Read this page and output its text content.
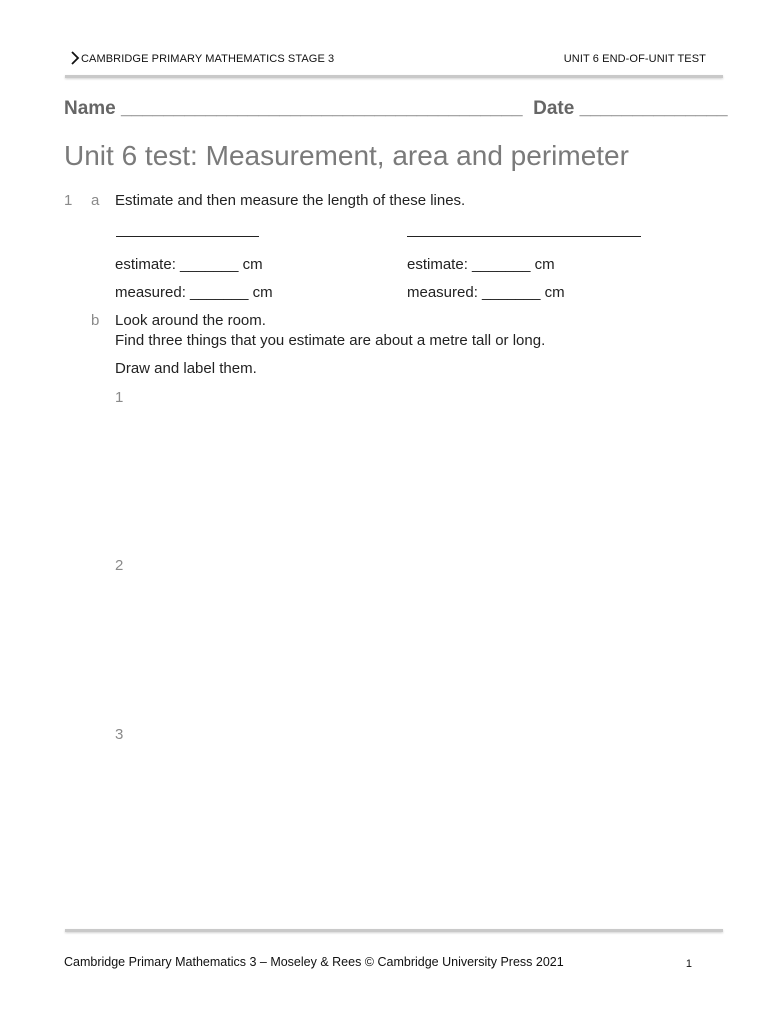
CAMBRIDGE PRIMARY MATHEMATICS STAGE 3	UNIT 6 END-OF-UNIT TEST
Name ______________________________________  Date ______________
Unit 6 test: Measurement, area and perimeter
1 a Estimate and then measure the length of these lines.
estimate: _______ cm	estimate: _______ cm
measured: _______ cm	measured: _______ cm
b Look around the room.
Find three things that you estimate are about a metre tall or long.
Draw and label them.
1
2
3
Cambridge Primary Mathematics 3 – Moseley & Rees © Cambridge University Press 2021	1
